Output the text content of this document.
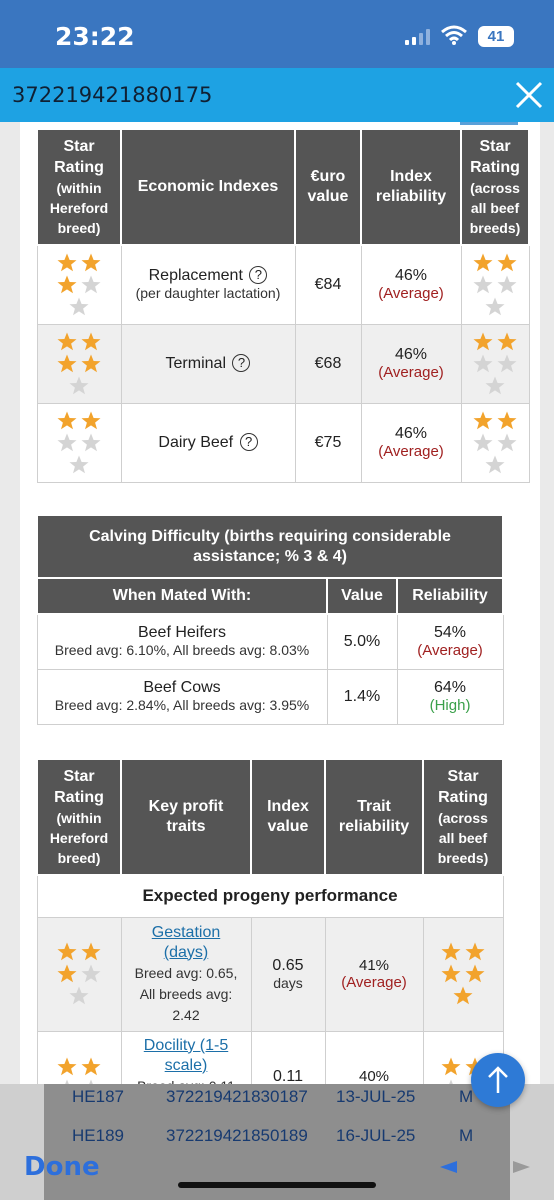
23:22	41
372219421880175
Star
Rating
(within
Hereford
breed)	Economic Indexes	€uro value	Index reliability	Star
Rating
(across
all beef
breeds)

	Replacement ?
(per daughter lactation)	€84	46%
(Average)	

	Terminal ?	€68	46%
(Average)	

	Dairy Beef ?	€75	46%
(Average)	
Calving Difficulty (births requiring considerable assistance; % 3 & 4)		
When Mated With:	Value	Reliability
Beef Heifers
Breed avg: 6.10%, All breeds avg: 8.03%	5.0%	54%
(Average)
Beef Cows
Breed avg: 2.84%, All breeds avg: 3.95%	1.4%	64%
(High)
Star
Rating
(within
Hereford
breed)	Key profit traits	Index value	Trait reliability	Star
Rating
(across
all beef
breeds)
Expected progeny performance				

	Gestation (days)
Breed avg: 0.65, All breeds avg: 2.42	0.65
days	41%
(Average)	

	Docility (1-5 scale)	0.11	40%	
HE187 372219421830187 13-JUL-25	M
HE189 372219421850189 16-JUL-25	M
Done
